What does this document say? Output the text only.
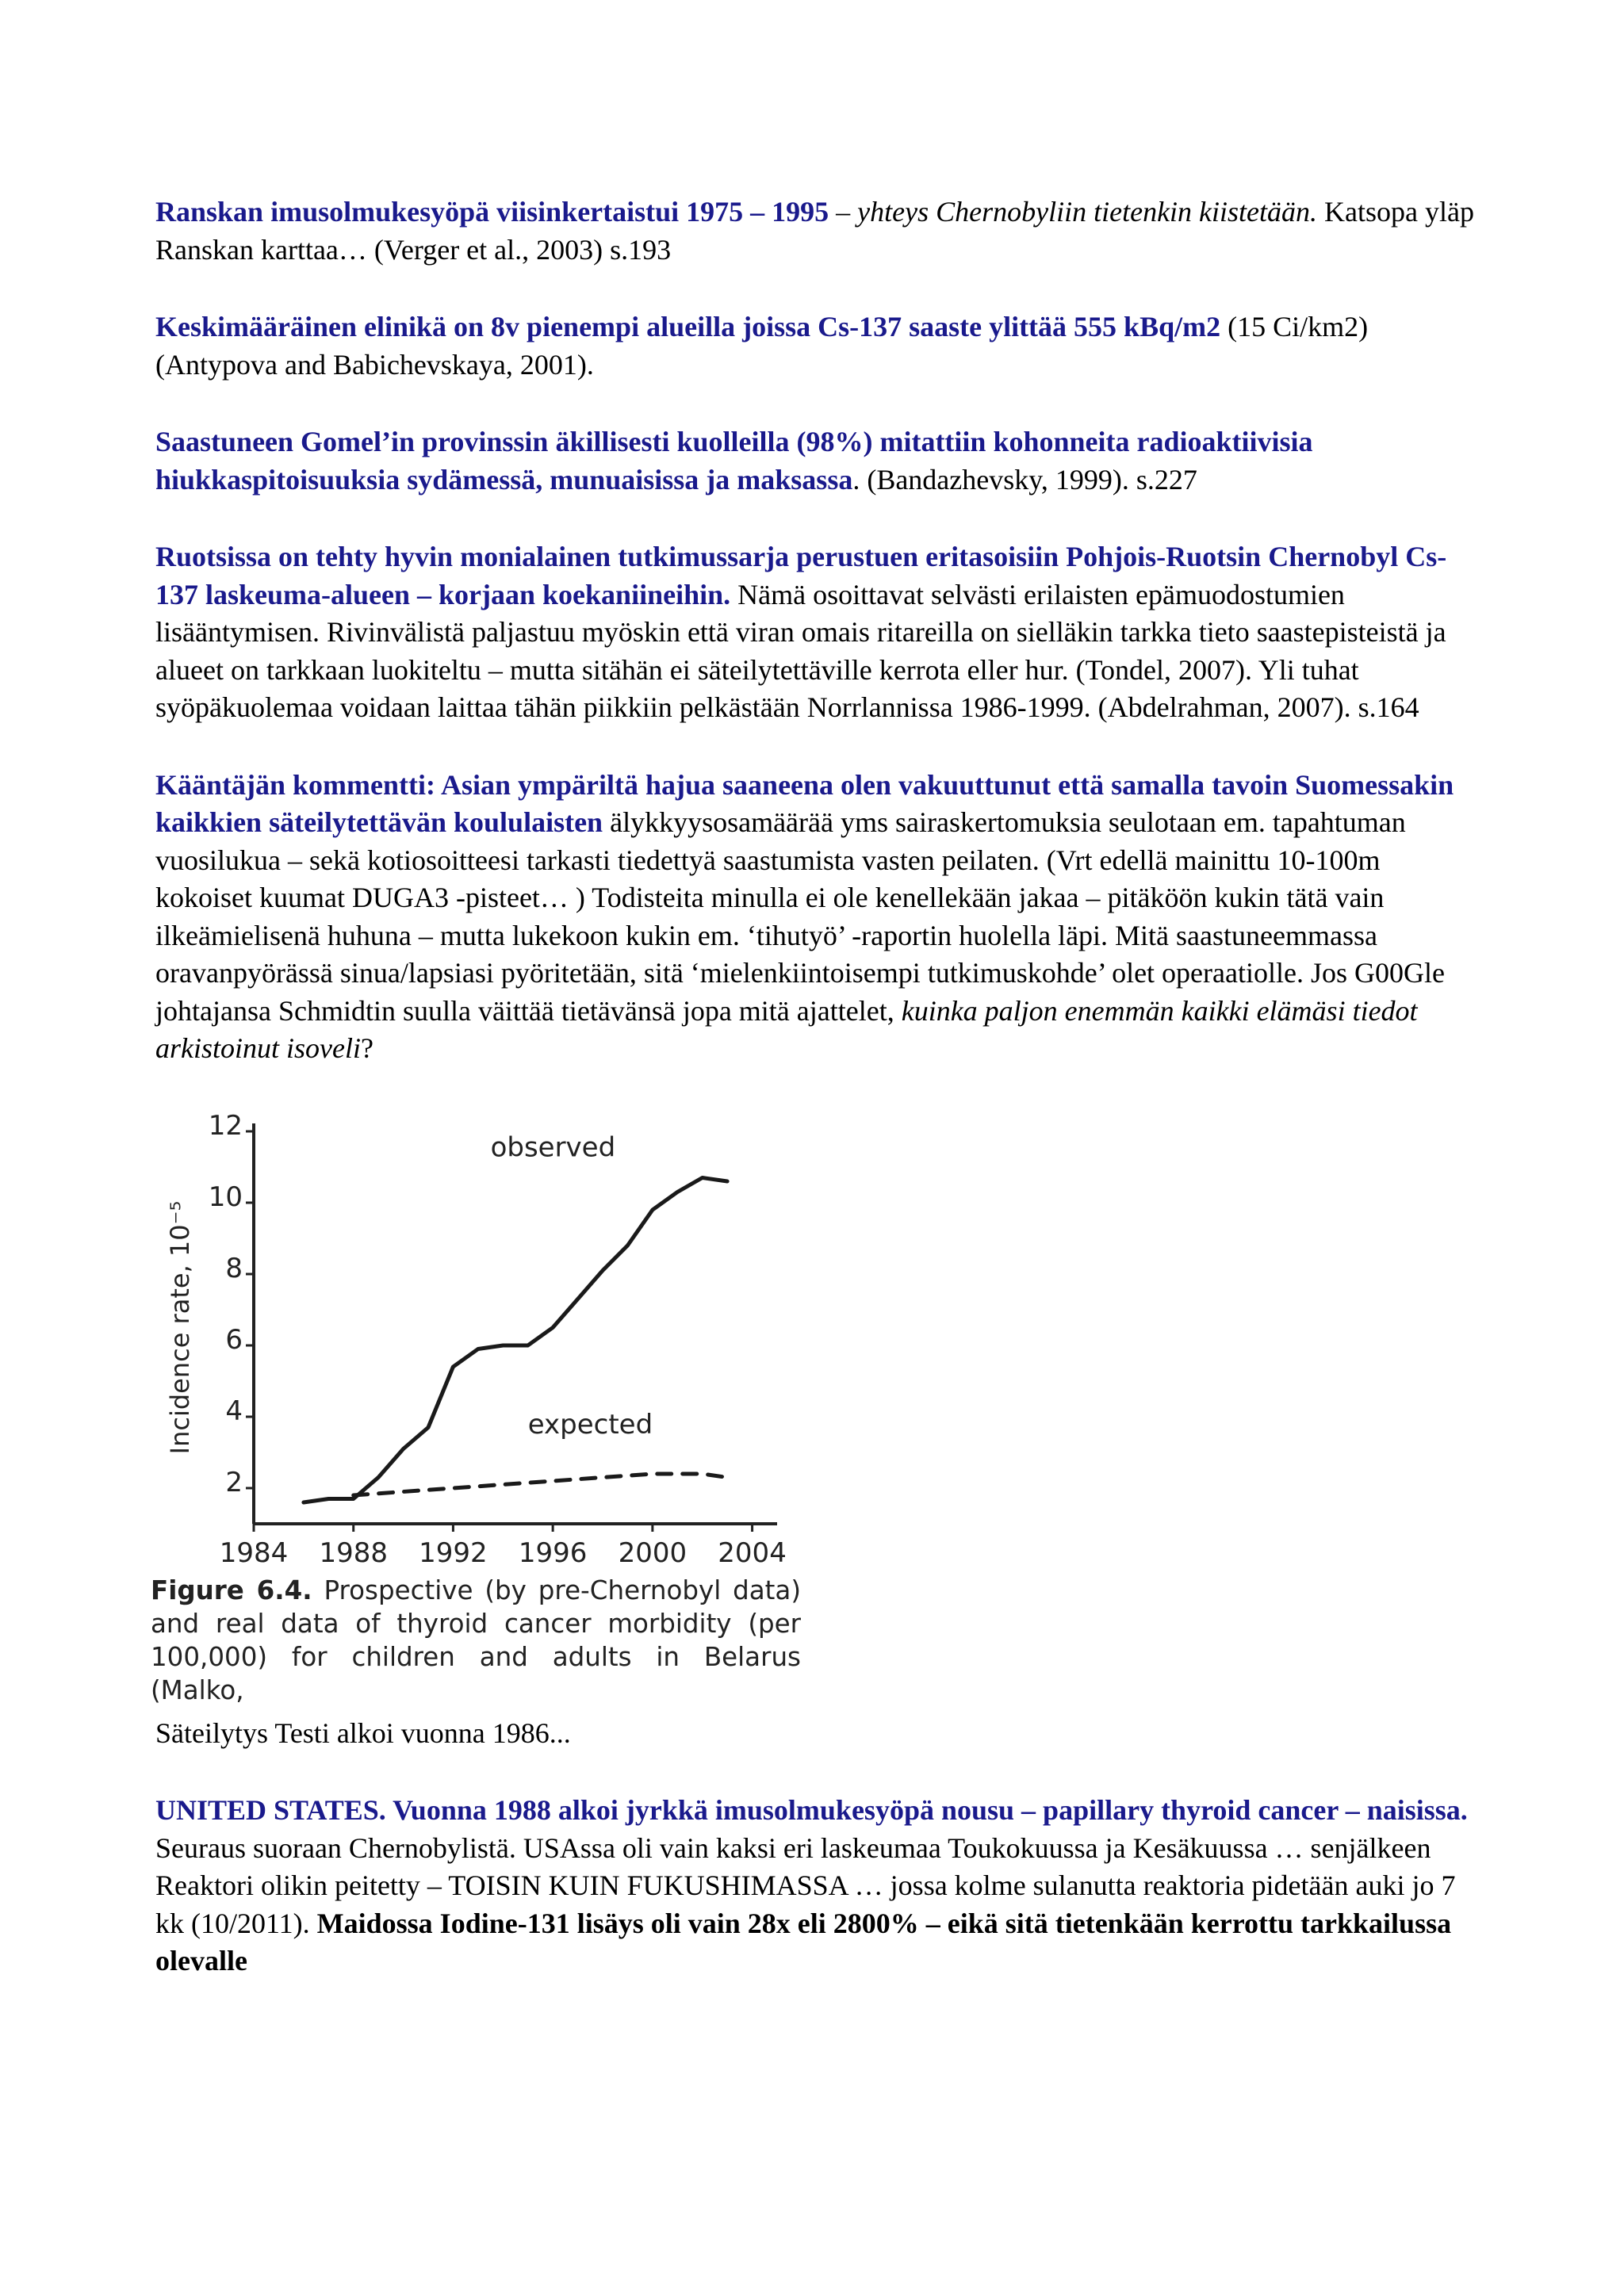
Ranskan imusolmukesyöpä viisinkertaistui 1975 – 1995 – yhteys Chernobyliin tietenkin kiistetään. Katsopa yläp Ranskan karttaa… (Verger et al., 2003) s.193

Keskimääräinen elinikä on 8v pienempi alueilla joissa Cs-137 saaste ylittää 555 kBq/m2 (15 Ci/km2) (Antypova and Babichevskaya, 2001).

Saastuneen Gomel’in provinssin äkillisesti kuolleilla (98%) mitattiin kohonneita radioaktiivisia hiukkaspitoisuuksia sydämessä, munuaisissa ja maksassa. (Bandazhevsky, 1999). s.227

Ruotsissa on tehty hyvin monialainen tutkimussarja perustuen eritasoisiin Pohjois-Ruotsin Chernobyl Cs-137 laskeuma-alueen – korjaan koekaniineihin. Nämä osoittavat selvästi erilaisten epämuodostumien lisääntymisen. Rivinvälistä paljastuu myöskin että viran omais ritareilla on sielläkin tarkka tieto saastepisteistä ja alueet on tarkkaan luokiteltu – mutta sitähän ei säteilytettäville kerrota eller hur. (Tondel, 2007). Yli tuhat syöpäkuolemaa voidaan laittaa tähän piikkiin pelkästään Norrlannissa 1986-1999. (Abdelrahman, 2007). s.164

Kääntäjän kommentti: Asian ympäriltä hajua saaneena olen vakuuttunut että samalla tavoin Suomessakin kaikkien säteilytettävän koululaisten älykkyysosamäärää yms sairaskertomuksia seulotaan em. tapahtuman vuosilukua – sekä kotiosoitteesi tarkasti tiedettyä saastumista vasten peilaten. (Vrt edellä mainittu 10-100m kokoiset kuumat DUGA3 -pisteet… ) Todisteita minulla ei ole kenellekään jakaa – pitäköön kukin tätä vain ilkeämielisenä huhuna – mutta lukekoon kukin em. ‘tihutyö’ -raportin huolella läpi. Mitä saastuneemmassa oravanpyörässä sinua/lapsiasi pyöritetään, sitä ‘mielenkiintoisempi tutkimuskohde’ olet operaatiolle. Jos G00Gle johtajansa Schmidtin suulla väittää tietävänsä jopa mitä ajattelet, kuinka paljon enemmän kaikki elämäsi tiedot arkistoinut isoveli?

2
4
6
8
10
12
1984 1988 1992 1996 2000 2004
Incidence rate, 10⁻⁵
observed
expected
Figure 6.4. Prospective (by pre-Chernobyl data) and real data of thyroid cancer morbidity (per 100,000) for children and adults in Belarus (Malko,

Säteilytys Testi alkoi vuonna 1986...

UNITED STATES. Vuonna 1988 alkoi jyrkkä imusolmukesyöpä nousu – papillary thyroid cancer – naisissa. Seuraus suoraan Chernobylistä. USAssa oli vain kaksi eri laskeumaa Toukokuussa ja Kesäkuussa … senjälkeen Reaktori olikin peitetty – TOISIN KUIN FUKUSHIMASSA … jossa kolme sulanutta reaktoria pidetään auki jo 7 kk (10/2011). Maidossa Iodine-131 lisäys oli vain 28x eli 2800% – eikä sitä tietenkään kerrottu tarkkailussa olevalle
